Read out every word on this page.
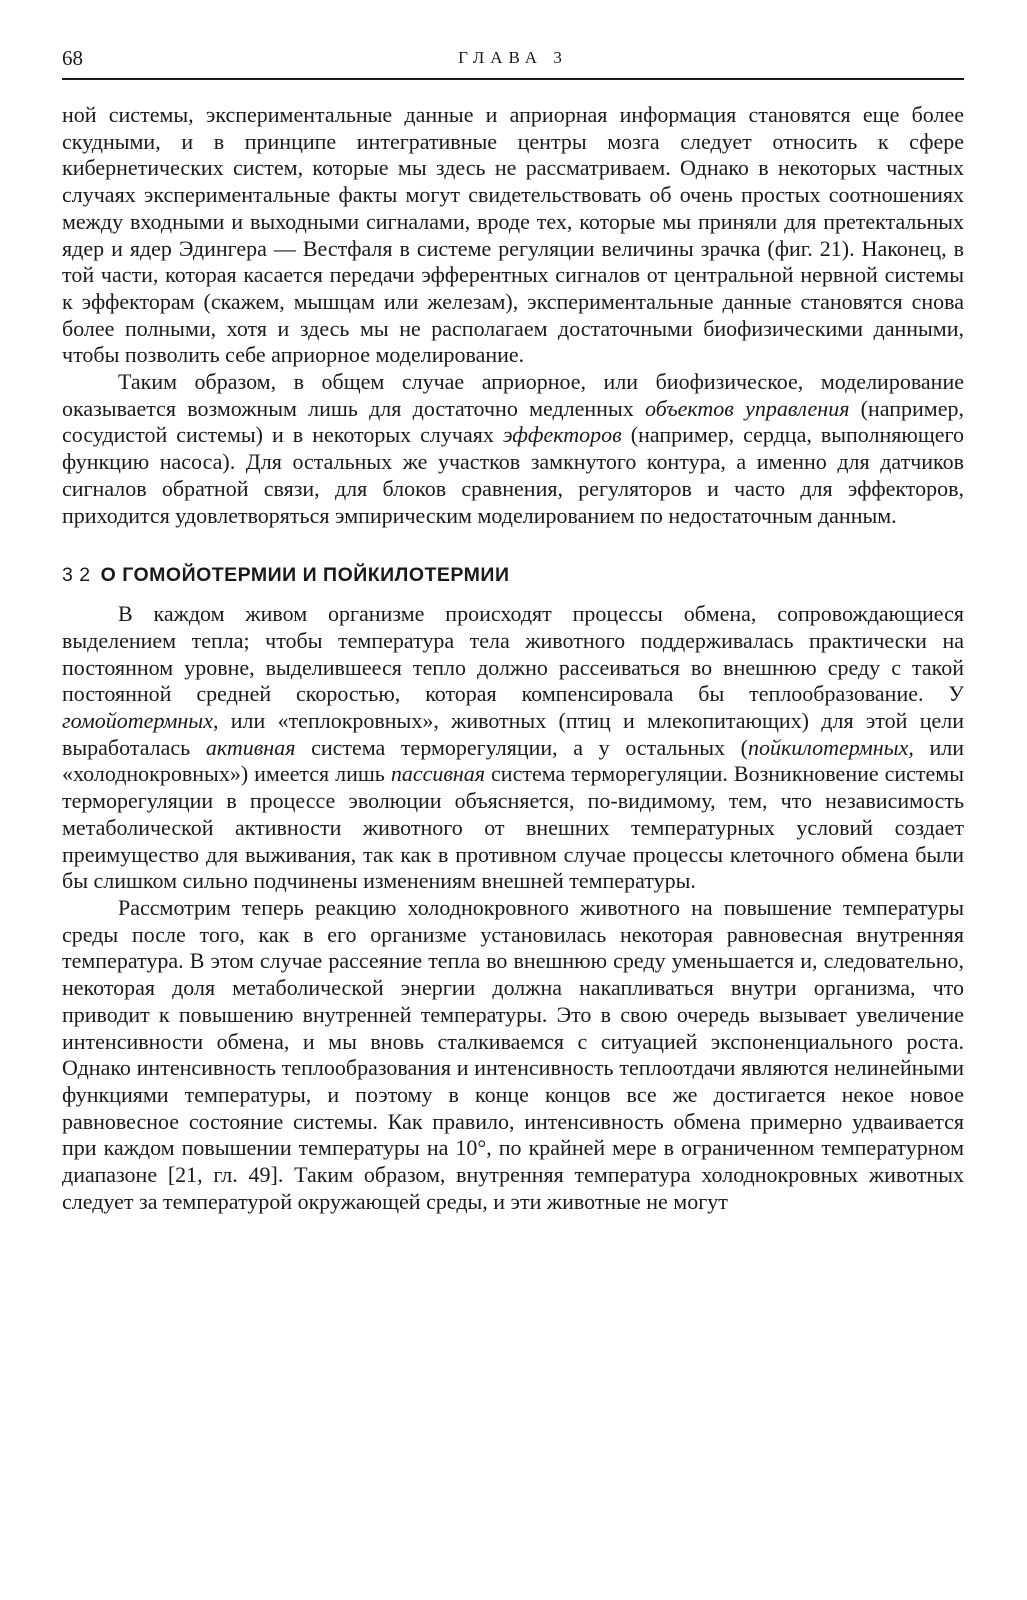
68	ГЛАВА 3

ной системы, экспериментальные данные и априорная информация становятся еще более скудными, и в принципе интегративные центры мозга следует относить к сфере кибернетических систем, которые мы здесь не рассматриваем. Однако в некоторых частных случаях экспериментальные факты могут свидетельствовать об очень простых соотношениях между входными и выходными сигналами, вроде тех, которые мы приняли для претектальных ядер и ядер Эдингера — Вестфаля в системе регуляции величины зрачка (фиг. 21). Наконец, в той части, которая касается передачи эфферентных сигналов от центральной нервной системы к эффекторам (скажем, мышцам или железам), экспериментальные данные становятся снова более полными, хотя и здесь мы не располагаем достаточными биофизическими данными, чтобы позволить себе априорное моделирование.

Таким образом, в общем случае априорное, или биофизическое, моделирование оказывается возможным лишь для достаточно медленных объектов управления (например, сосудистой системы) и в некоторых случаях эффекторов (например, сердца, выполняющего функцию насоса). Для остальных же участков замкнутого контура, а именно для датчиков сигналов обратной связи, для блоков сравнения, регуляторов и часто для эффекторов, приходится удовлетворяться эмпирическим моделированием по недостаточным данным.

3 2 О ГОМОЙОТЕРМИИ И ПОЙКИЛОТЕРМИИ

В каждом живом организме происходят процессы обмена, сопровождающиеся выделением тепла; чтобы температура тела животного поддерживалась практически на постоянном уровне, выделившееся тепло должно рассеиваться во внешнюю среду с такой постоянной средней скоростью, которая компенсировала бы теплообразование. У гомойотермных, или «теплокровных», животных (птиц и млекопитающих) для этой цели выработалась активная система терморегуляции, а у остальных (пойкилотермных, или «холоднокровных») имеется лишь пассивная система терморегуляции. Возникновение системы терморегуляции в процессе эволюции объясняется, по-видимому, тем, что независимость метаболической активности животного от внешних температурных условий создает преимущество для выживания, так как в противном случае процессы клеточного обмена были бы слишком сильно подчинены изменениям внешней температуры.

Рассмотрим теперь реакцию холоднокровного животного на повышение температуры среды после того, как в его организме установилась некоторая равновесная внутренняя температура. В этом случае рассеяние тепла во внешнюю среду уменьшается и, следовательно, некоторая доля метаболической энергии должна накапливаться внутри организма, что приводит к повышению внутренней температуры. Это в свою очередь вызывает увеличение интенсивности обмена, и мы вновь сталкиваемся с ситуацией экспоненциального роста. Однако интенсивность теплообразования и интенсивность теплоотдачи являются нелинейными функциями температуры, и поэтому в конце концов все же достигается некое новое равновесное состояние системы. Как правило, интенсивность обмена примерно удваивается при каждом повышении температуры на 10°, по крайней мере в ограниченном температурном диапазоне [21, гл. 49]. Таким образом, внутренняя температура холоднокровных животных следует за температурой окружающей среды, и эти животные не могут
